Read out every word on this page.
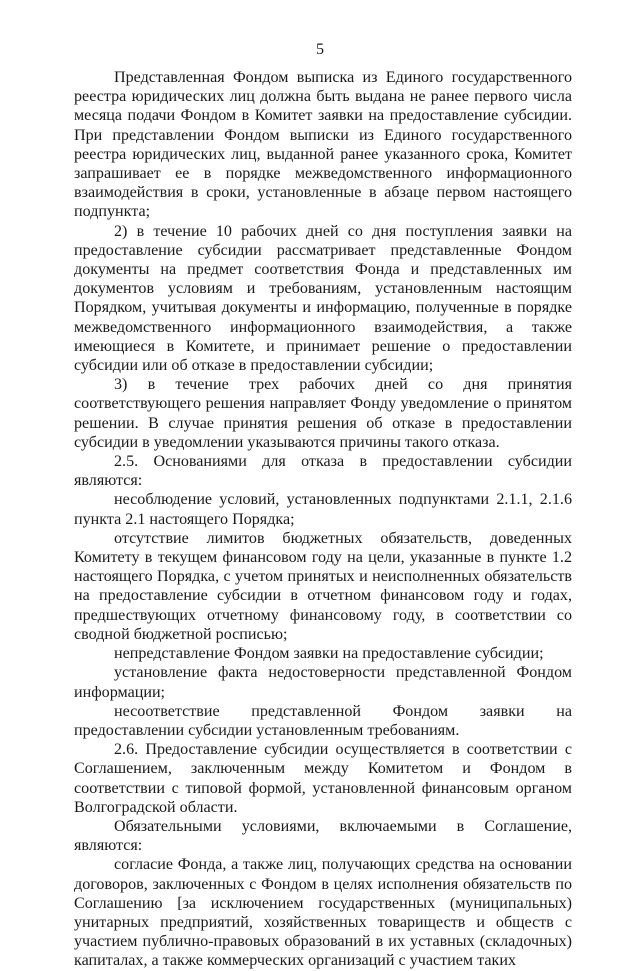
5

Представленная Фондом выписка из Единого государственного реестра юридических лиц должна быть выдана не ранее первого числа месяца подачи Фондом в Комитет заявки на предоставление субсидии. При представлении Фондом выписки из Единого государственного реестра юридических лиц, выданной ранее указанного срока, Комитет запрашивает ее в порядке межведомственного информационного взаимодействия в сроки, установленные в абзаце первом настоящего подпункта;

2) в течение 10 рабочих дней со дня поступления заявки на предоставление субсидии рассматривает представленные Фондом документы на предмет соответствия Фонда и представленных им документов условиям и требованиям, установленным настоящим Порядком, учитывая документы и информацию, полученные в порядке межведомственного информационного взаимодействия, а также имеющиеся в Комитете, и принимает решение о предоставлении субсидии или об отказе в предоставлении субсидии;

3) в течение трех рабочих дней со дня принятия соответствующего решения направляет Фонду уведомление о принятом решении. В случае принятия решения об отказе в предоставлении субсидии в уведомлении указываются причины такого отказа.

2.5. Основаниями для отказа в предоставлении субсидии являются:

несоблюдение условий, установленных подпунктами 2.1.1, 2.1.6 пункта 2.1 настоящего Порядка;

отсутствие лимитов бюджетных обязательств, доведенных Комитету в текущем финансовом году на цели, указанные в пункте 1.2 настоящего Порядка, с учетом принятых и неисполненных обязательств на предоставление субсидии в отчетном финансовом году и годах, предшествующих отчетному финансовому году, в соответствии со сводной бюджетной росписью;

непредставление Фондом заявки на предоставление субсидии;

установление факта недостоверности представленной Фондом информации;

несоответствие представленной Фондом заявки на предоставлении субсидии установленным требованиям.

2.6. Предоставление субсидии осуществляется в соответствии с Соглашением, заключенным между Комитетом и Фондом в соответствии с типовой формой, установленной финансовым органом Волгоградской области.

Обязательными условиями, включаемыми в Соглашение, являются:

согласие Фонда, а также лиц, получающих средства на основании договоров, заключенных с Фондом в целях исполнения обязательств по Соглашению [за исключением государственных (муниципальных) унитарных предприятий, хозяйственных товариществ и обществ с участием публично-правовых образований в их уставных (складочных) капиталах, а также коммерческих организаций с участием таких
